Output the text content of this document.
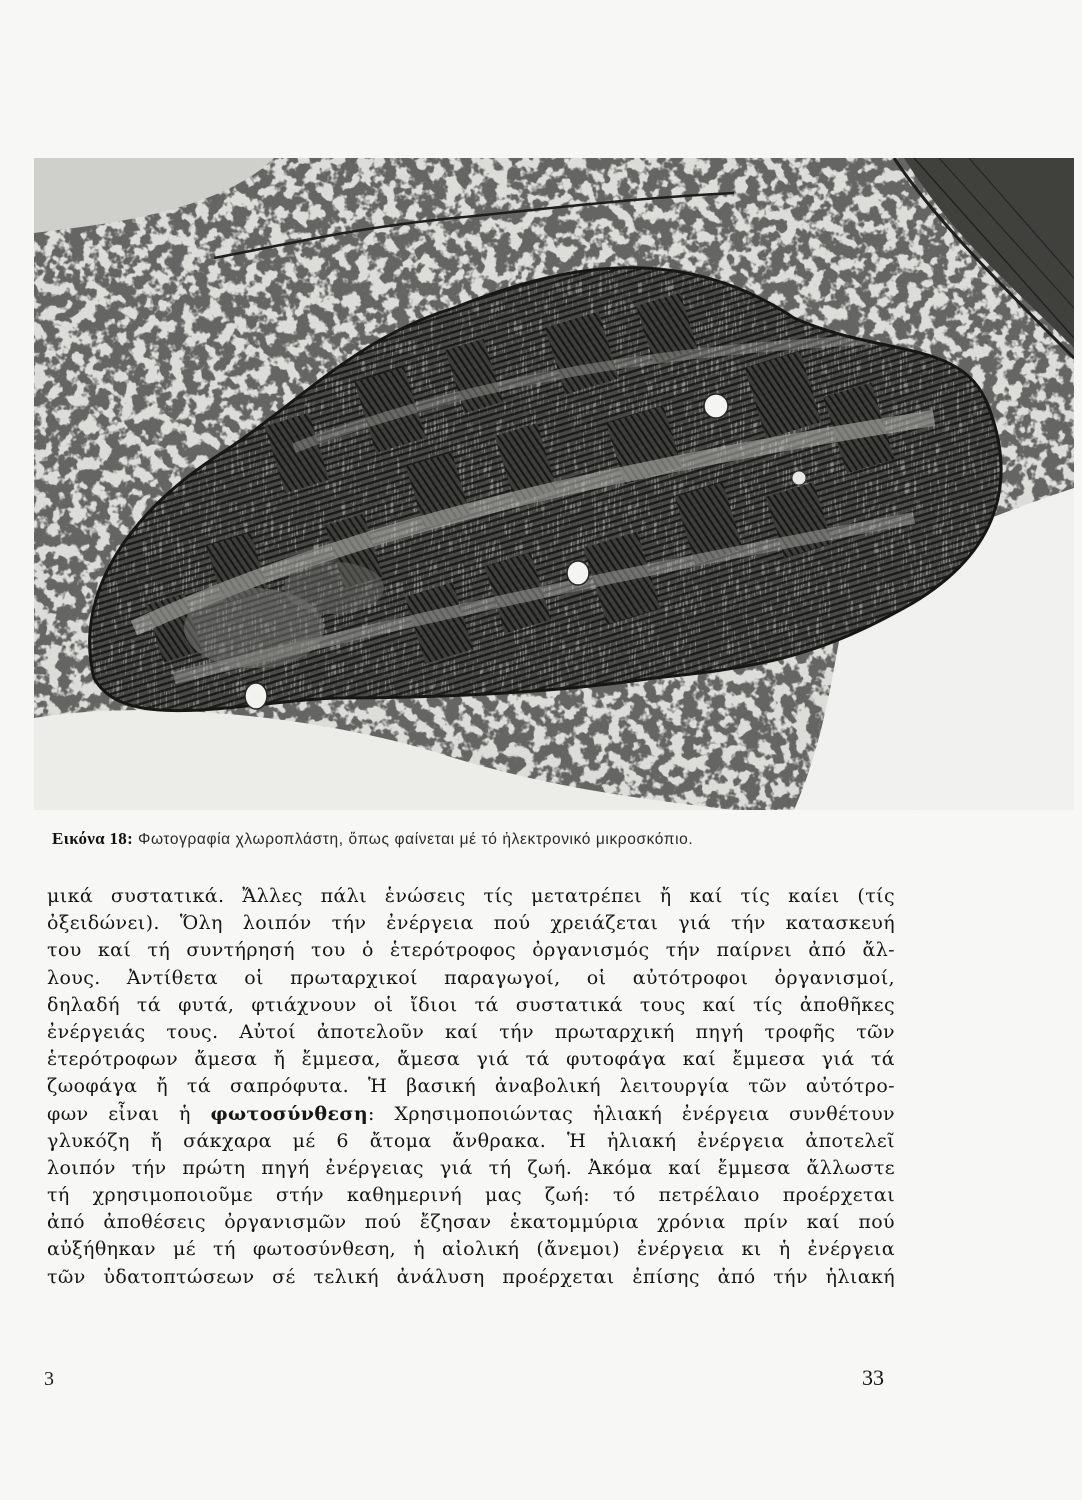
Εικόνα 18: Φωτογραφία χλωροπλάστη, ὅπως φαίνεται μέ τό ἠλεκτρονικό μικροσκόπιο.
μικά συστατικά. Ἄλλες πάλι ἑνώσεις τίς μετατρέπει ἤ καί τίς καίει (τίς
ὀξειδώνει). Ὅλη λοιπόν τήν ἐνέργεια πού χρειάζεται γιά τήν κατασκευή
του καί τή συντήρησή του ὁ ἑτερότροφος ὀργανισμός τήν παίρνει ἀπό ἄλ-
λους. Ἀντίθετα οἱ πρωταρχικοί παραγωγοί, οἱ αὐτότροφοι ὀργανισμοί,
δηλαδή τά φυτά, φτιάχνουν οἱ ἴδιοι τά συστατικά τους καί τίς ἀποθῆκες
ἐνέργειάς τους. Αὐτοί ἀποτελοῦν καί τήν πρωταρχική πηγή τροφῆς τῶν
ἑτερότροφων ἄμεσα ἤ ἔμμεσα, ἄμεσα γιά τά φυτοφάγα καί ἔμμεσα γιά τά
ζωοφάγα ἤ τά σαπρόφυτα. Ἡ βασική ἀναβολική λειτουργία τῶν αὐτότρο-
φων εἶναι ἡ φωτοσύνθεση: Χρησιμοποιώντας ἡλιακή ἐνέργεια συνθέτουν
γλυκόζη ἤ σάκχαρα μέ 6 ἄτομα ἄνθρακα. Ἡ ἡλιακή ἐνέργεια ἀποτελεῖ
λοιπόν τήν πρώτη πηγή ἐνέργειας γιά τή ζωή. Ἀκόμα καί ἔμμεσα ἄλλωστε
τή χρησιμοποιοῦμε στήν καθημερινή μας ζωή: τό πετρέλαιο προέρχεται
ἀπό ἀποθέσεις ὀργανισμῶν πού ἔζησαν ἑκατομμύρια χρόνια πρίν καί πού
αὐξήθηκαν μέ τή φωτοσύνθεση, ἡ αἰολική (ἄνεμοι) ἐνέργεια κι ἡ ἐνέργεια
τῶν ὑδατοπτώσεων σέ τελική ἀνάλυση προέρχεται ἐπίσης ἀπό τήν ἡλιακή
3	33
